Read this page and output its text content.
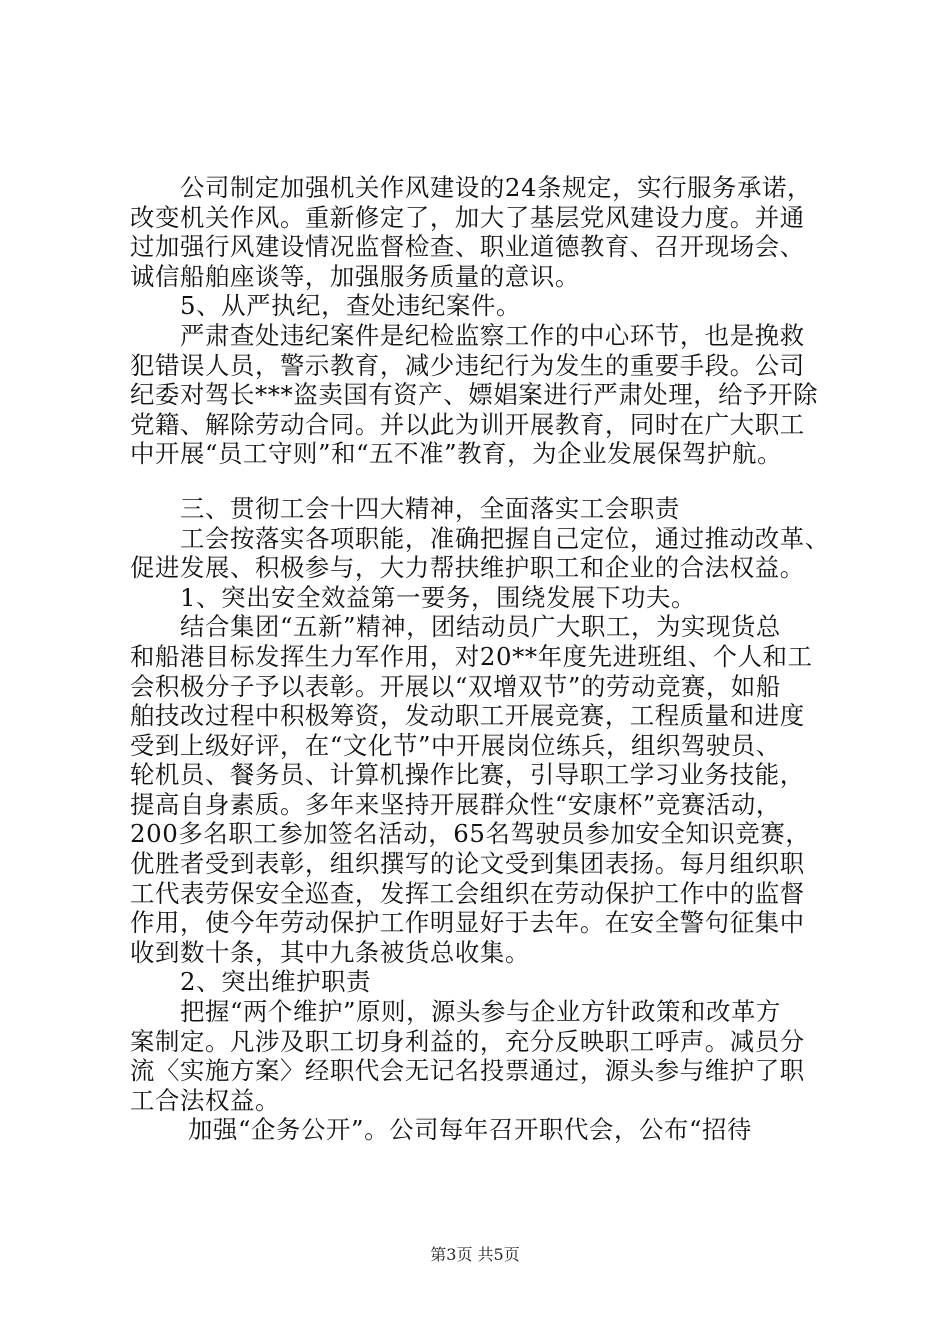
公司制定加强机关作风建设的24条规定，实行服务承诺，
改变机关作风。重新修定了，加大了基层党风建设力度。并通
过加强行风建设情况监督检查、职业道德教育、召开现场会、
诚信船舶座谈等，加强服务质量的意识。
5、从严执纪，查处违纪案件。
严肃查处违纪案件是纪检监察工作的中心环节，也是挽救
犯错误人员，警示教育，减少违纪行为发生的重要手段。公司
纪委对驾长***盗卖国有资产、嫖娼案进行严肃处理，给予开除
党籍、解除劳动合同。并以此为训开展教育，同时在广大职工
中开展“员工守则”和“五不准”教育，为企业发展保驾护航。
三、贯彻工会十四大精神，全面落实工会职责
工会按落实各项职能，准确把握自己定位，通过推动改革、
促进发展、积极参与，大力帮扶维护职工和企业的合法权益。
1、突出安全效益第一要务，围绕发展下功夫。
结合集团“五新”精神，团结动员广大职工，为实现货总
和船港目标发挥生力军作用，对20**年度先进班组、个人和工
会积极分子予以表彰。开展以“双增双节”的劳动竞赛，如船
舶技改过程中积极筹资，发动职工开展竞赛，工程质量和进度
受到上级好评，在“文化节”中开展岗位练兵，组织驾驶员、
轮机员、餐务员、计算机操作比赛，引导职工学习业务技能，
提高自身素质。多年来坚持开展群众性“安康杯”竞赛活动，
200多名职工参加签名活动，65名驾驶员参加安全知识竞赛，
优胜者受到表彰，组织撰写的论文受到集团表扬。每月组织职
工代表劳保安全巡查，发挥工会组织在劳动保护工作中的监督
作用，使今年劳动保护工作明显好于去年。在安全警句征集中
收到数十条，其中九条被货总收集。
2、突出维护职责
把握“两个维护”原则，源头参与企业方针政策和改革方
案制定。凡涉及职工切身利益的，充分反映职工呼声。减员分
流〈实施方案〉经职代会无记名投票通过，源头参与维护了职
工合法权益。
加强“企务公开”。公司每年召开职代会，公布“招待
第3页 共5页
